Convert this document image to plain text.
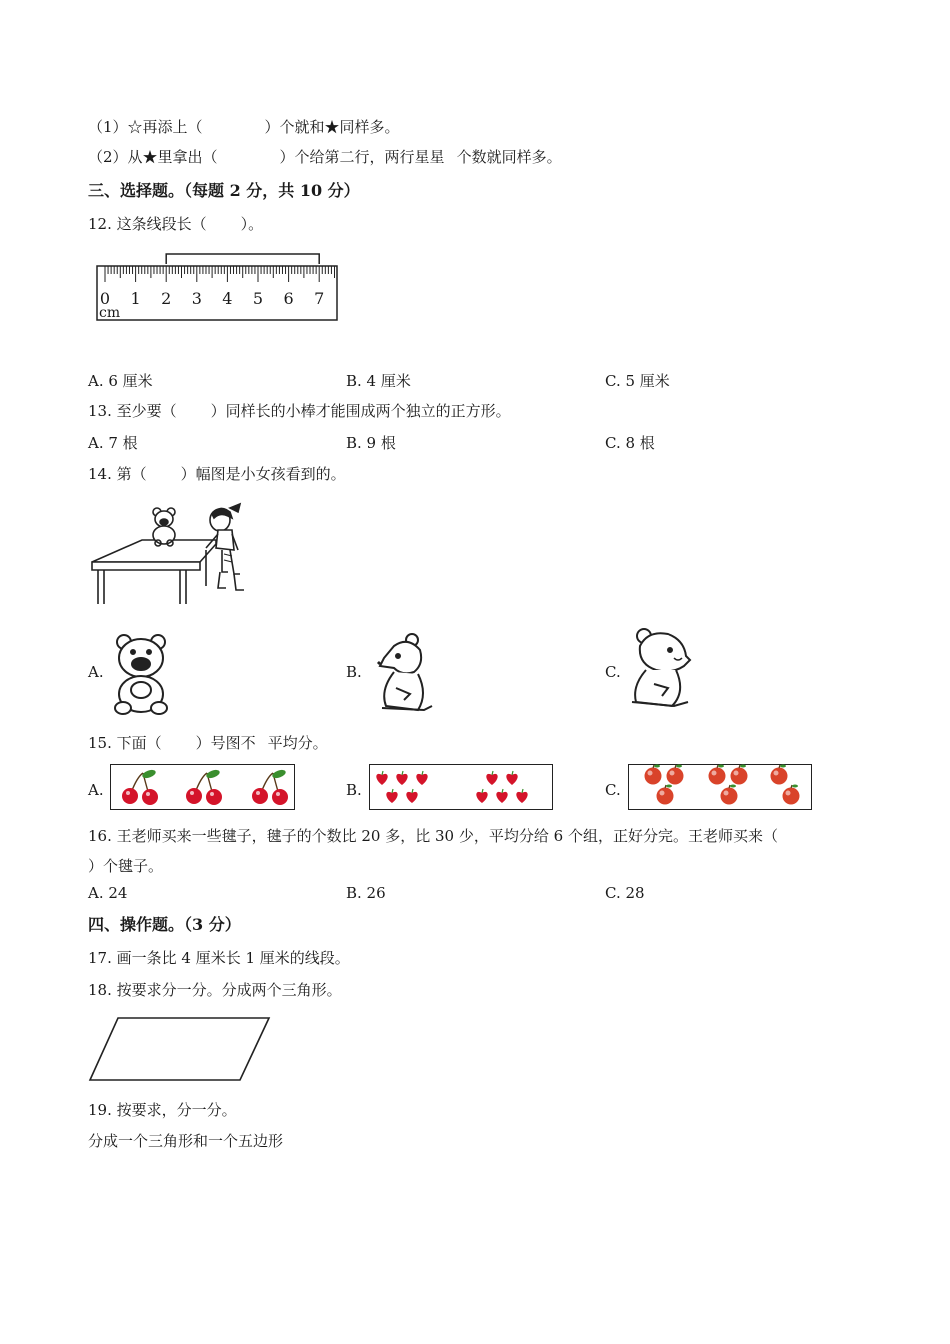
（1）☆再添上（	）个就和★同样多。
（2）从★里拿出（	）个给第二行，两行星星 个数就同样多。
三、选择题。（每题 2 分，共 10 分）
12. 这条线段长（ ）。
0 1 2 3 4 5 6 7
cm
A. 6 厘米	B. 4 厘米	C. 5 厘米
13. 至少要（ ）同样长的小棒才能围成两个独立的正方形。
A. 7 根	B. 9 根	C. 8 根
14. 第（ ）幅图是小女孩看到的。
A.	B.	C.
15. 下面（ ）号图不 平均分。
A.	B.	C.
16. 王老师买来一些毽子，毽子的个数比 20 多，比 30 少，平均分给 6 个组，正好分完。王老师买来（
）个毽子。
A. 24	B. 26	C. 28
四、操作题。（3 分）
17. 画一条比 4 厘米长 1 厘米的线段。
18. 按要求分一分。分成两个三角形。
19. 按要求，分一分。
分成一个三角形和一个五边形
